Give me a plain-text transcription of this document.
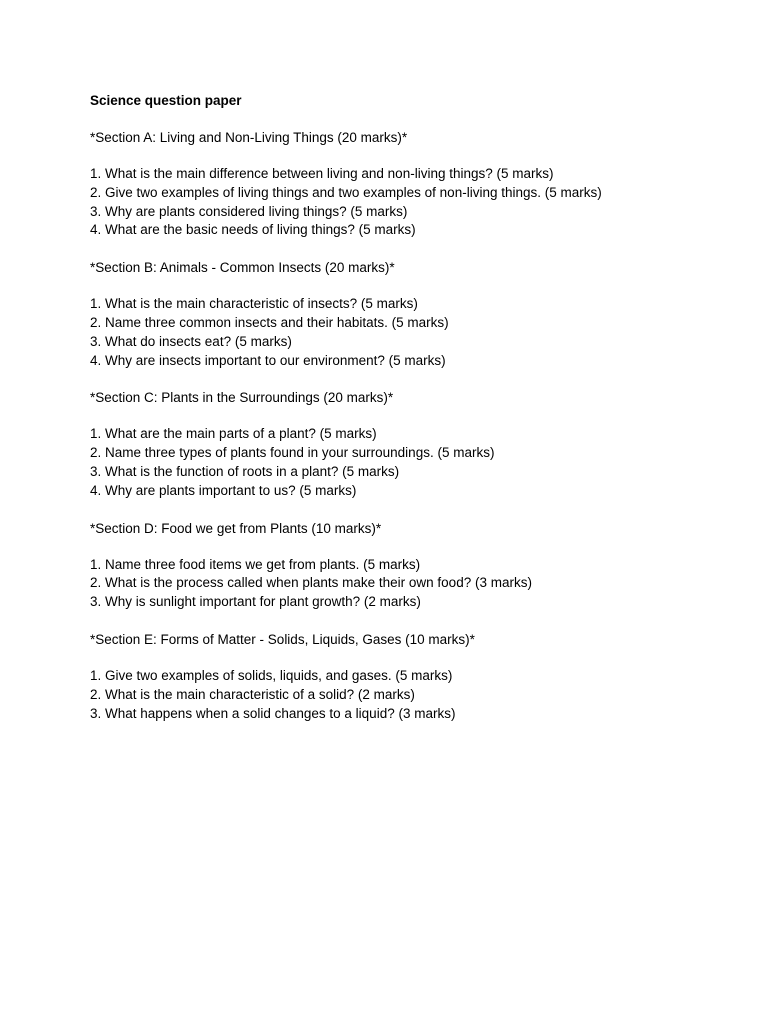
Science question paper
*Section A: Living and Non-Living Things (20 marks)*
1. What is the main difference between living and non-living things? (5 marks)
2. Give two examples of living things and two examples of non-living things. (5 marks)
3. Why are plants considered living things? (5 marks)
4. What are the basic needs of living things? (5 marks)
*Section B: Animals - Common Insects (20 marks)*
1. What is the main characteristic of insects? (5 marks)
2. Name three common insects and their habitats. (5 marks)
3. What do insects eat? (5 marks)
4. Why are insects important to our environment? (5 marks)
*Section C: Plants in the Surroundings (20 marks)*
1. What are the main parts of a plant? (5 marks)
2. Name three types of plants found in your surroundings. (5 marks)
3. What is the function of roots in a plant? (5 marks)
4. Why are plants important to us? (5 marks)
*Section D: Food we get from Plants (10 marks)*
1. Name three food items we get from plants. (5 marks)
2. What is the process called when plants make their own food? (3 marks)
3. Why is sunlight important for plant growth? (2 marks)
*Section E: Forms of Matter - Solids, Liquids, Gases (10 marks)*
1. Give two examples of solids, liquids, and gases. (5 marks)
2. What is the main characteristic of a solid? (2 marks)
3. What happens when a solid changes to a liquid? (3 marks)
